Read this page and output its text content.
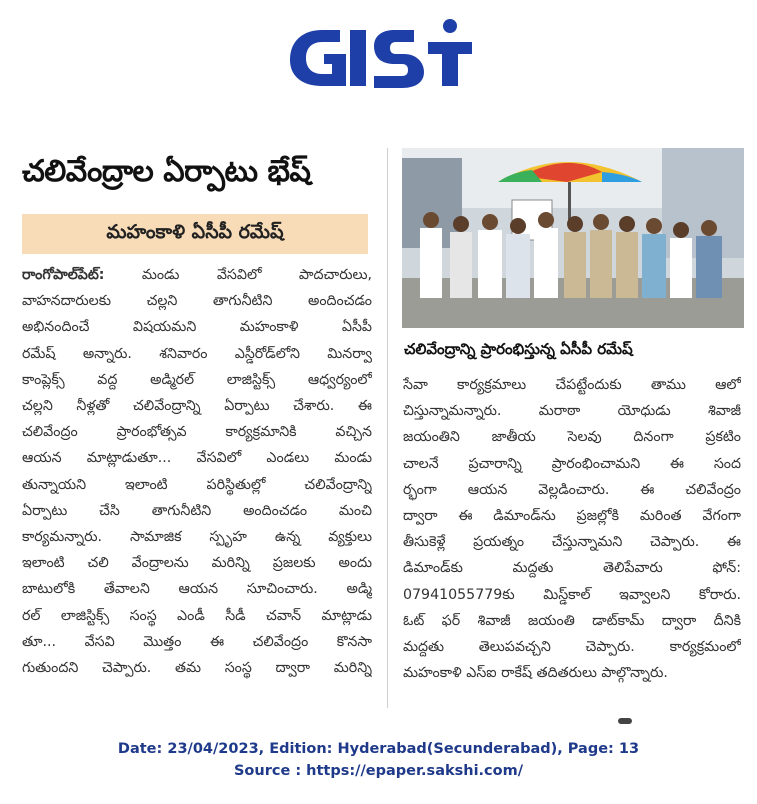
చలివేంద్రాల ఏర్పాటు భేష్
మహంకాళి ఏసీపీ రమేష్

రాంగోపాల్‌పేట్: మండు వేసవిలో పాదచారులు,

వాహనదారులకు చల్లని తాగునీటిని అందించడం

అభినందించే విషయమని మహంకాళి ఏసీపీ

రమేష్ అన్నారు. శనివారం ఎస్డీరోడ్‌లోని మినర్వా

కాంప్లెక్స్ వద్ద అడ్మిరల్ లాజిస్టిక్స్ ఆధ్వర్యంలో

చల్లని నీళ్లతో చలివేంద్రాన్ని ఏర్పాటు చేశారు. ఈ

చలివేంద్రం ప్రారంభోత్సవ కార్యక్రమానికి వచ్చిన

ఆయన మాట్లాడుతూ... వేసవిలో ఎండలు మండు

తున్నాయని ఇలాంటి పరిస్థితుల్లో చలివేంద్రాన్ని

ఏర్పాటు చేసి తాగునీటిని అందించడం మంచి

కార్యమన్నారు. సామాజిక స్పృహ ఉన్న వ్యక్తులు

ఇలాంటి చలి వేంద్రాలను మరిన్ని ప్రజలకు అందు

బాటులోకి తేవాలని ఆయన సూచించారు. అడ్మి

రల్ లాజిస్టిక్స్ సంస్థ ఎండీ సీడీ చవాన్ మాట్లాడు

తూ... వేసవి మొత్తం ఈ చలివేంద్రం కొనసా

గుతుందని చెప్పారు. తమ సంస్థ ద్వారా మరిన్ని

చలివేంద్రాన్ని ప్రారంభిస్తున్న ఏసీపీ రమేష్

సేవా కార్యక్రమాలు చేపట్టేందుకు తాము ఆలో

చిస్తున్నామన్నారు. మరాఠా యోధుడు శివాజీ

జయంతిని జాతీయ సెలవు దినంగా ప్రకటిం

చాలనే ప్రచారాన్ని ప్రారంభించామని ఈ సంద

ర్భంగా ఆయన వెల్లడించారు. ఈ చలివేంద్రం

ద్వారా ఈ డిమాండ్‌ను ప్రజల్లోకి మరింత వేగంగా

తీసుకెళ్లే ప్రయత్నం చేస్తున్నామని చెప్పారు. ఈ

డిమాండ్‌కు మద్దతు తెలిపేవారు ఫోన్:

07941055779కు మిస్డ్‌కాల్ ఇవ్వాలని కోరారు.

ఓట్ ఫర్ శివాజీ జయంతి డాట్‌కామ్ ద్వారా దీనికి

మద్దతు తెలుపవచ్చని చెప్పారు. కార్యక్రమంలో

మహంకాళి ఎస్ఐ రాకేష్ తదితరులు పాల్గొన్నారు.

Date: 23/04/2023, Edition: Hyderabad(Secunderabad), Page: 13
Source : https://epaper.sakshi.com/
